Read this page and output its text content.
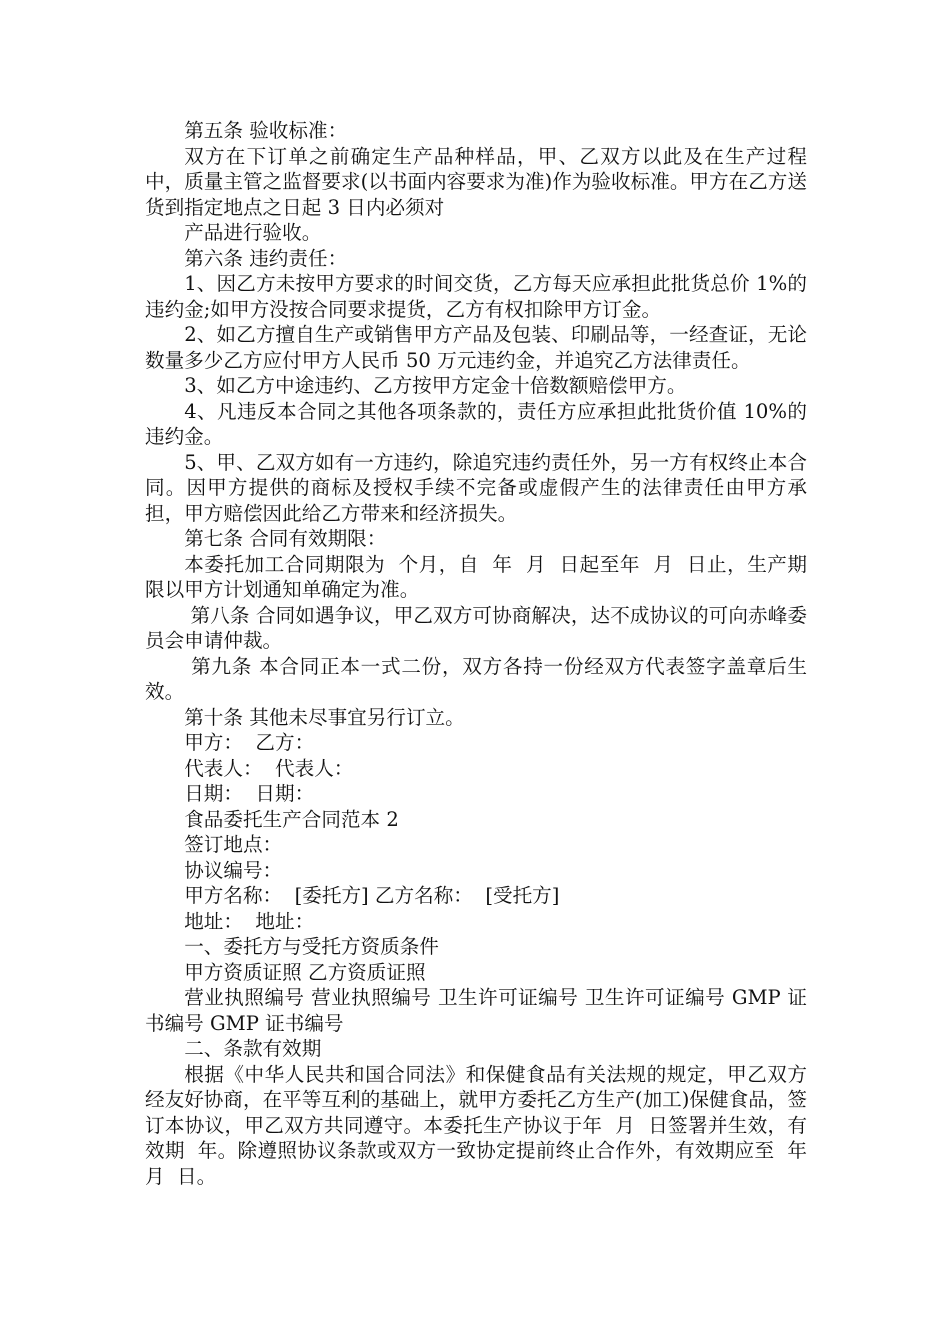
第五条 验收标准：

双方在下订单之前确定生产品种样品，甲、乙双方以此及在生产过程中，质量主管之监督要求(以书面内容要求为准)作为验收标准。甲方在乙方送货到指定地点之日起 3 日内必须对

产品进行验收。

第六条 违约责任：

1、因乙方未按甲方要求的时间交货，乙方每天应承担此批货总价 1%的违约金;如甲方没按合同要求提货，乙方有权扣除甲方订金。

2、如乙方擅自生产或销售甲方产品及包装、印刷品等，一经查证，无论数量多少乙方应付甲方人民币 50 万元违约金，并追究乙方法律责任。

3、如乙方中途违约、乙方按甲方定金十倍数额赔偿甲方。

4、凡违反本合同之其他各项条款的，责任方应承担此批货价值 10%的违约金。

5、甲、乙双方如有一方违约，除追究违约责任外，另一方有权终止本合同。因甲方提供的商标及授权手续不完备或虚假产生的法律责任由甲方承担，甲方赔偿因此给乙方带来和经济损失。

第七条 合同有效期限：

本委托加工合同期限为  个月，自  年  月  日起至年  月  日止，生产期限以甲方计划通知单确定为准。

第八条 合同如遇争议，甲乙双方可协商解决，达不成协议的可向赤峰委员会申请仲裁。

第九条 本合同正本一式二份，双方各持一份经双方代表签字盖章后生效。

第十条 其他未尽事宜另行订立。

甲方：  乙方：

代表人：  代表人：

日期：  日期：

食品委托生产合同范本 2

签订地点：

协议编号：

甲方名称：  [委托方] 乙方名称：  [受托方]

地址：  地址：

一、委托方与受托方资质条件

甲方资质证照 乙方资质证照

营业执照编号 营业执照编号 卫生许可证编号 卫生许可证编号 GMP 证书编号 GMP 证书编号

二、条款有效期

根据《中华人民共和国合同法》和保健食品有关法规的规定，甲乙双方经友好协商，在平等互利的基础上，就甲方委托乙方生产(加工)保健食品，签订本协议，甲乙双方共同遵守。本委托生产协议于年  月  日签署并生效，有效期  年。除遵照协议条款或双方一致协定提前终止合作外，有效期应至  年  月  日。
